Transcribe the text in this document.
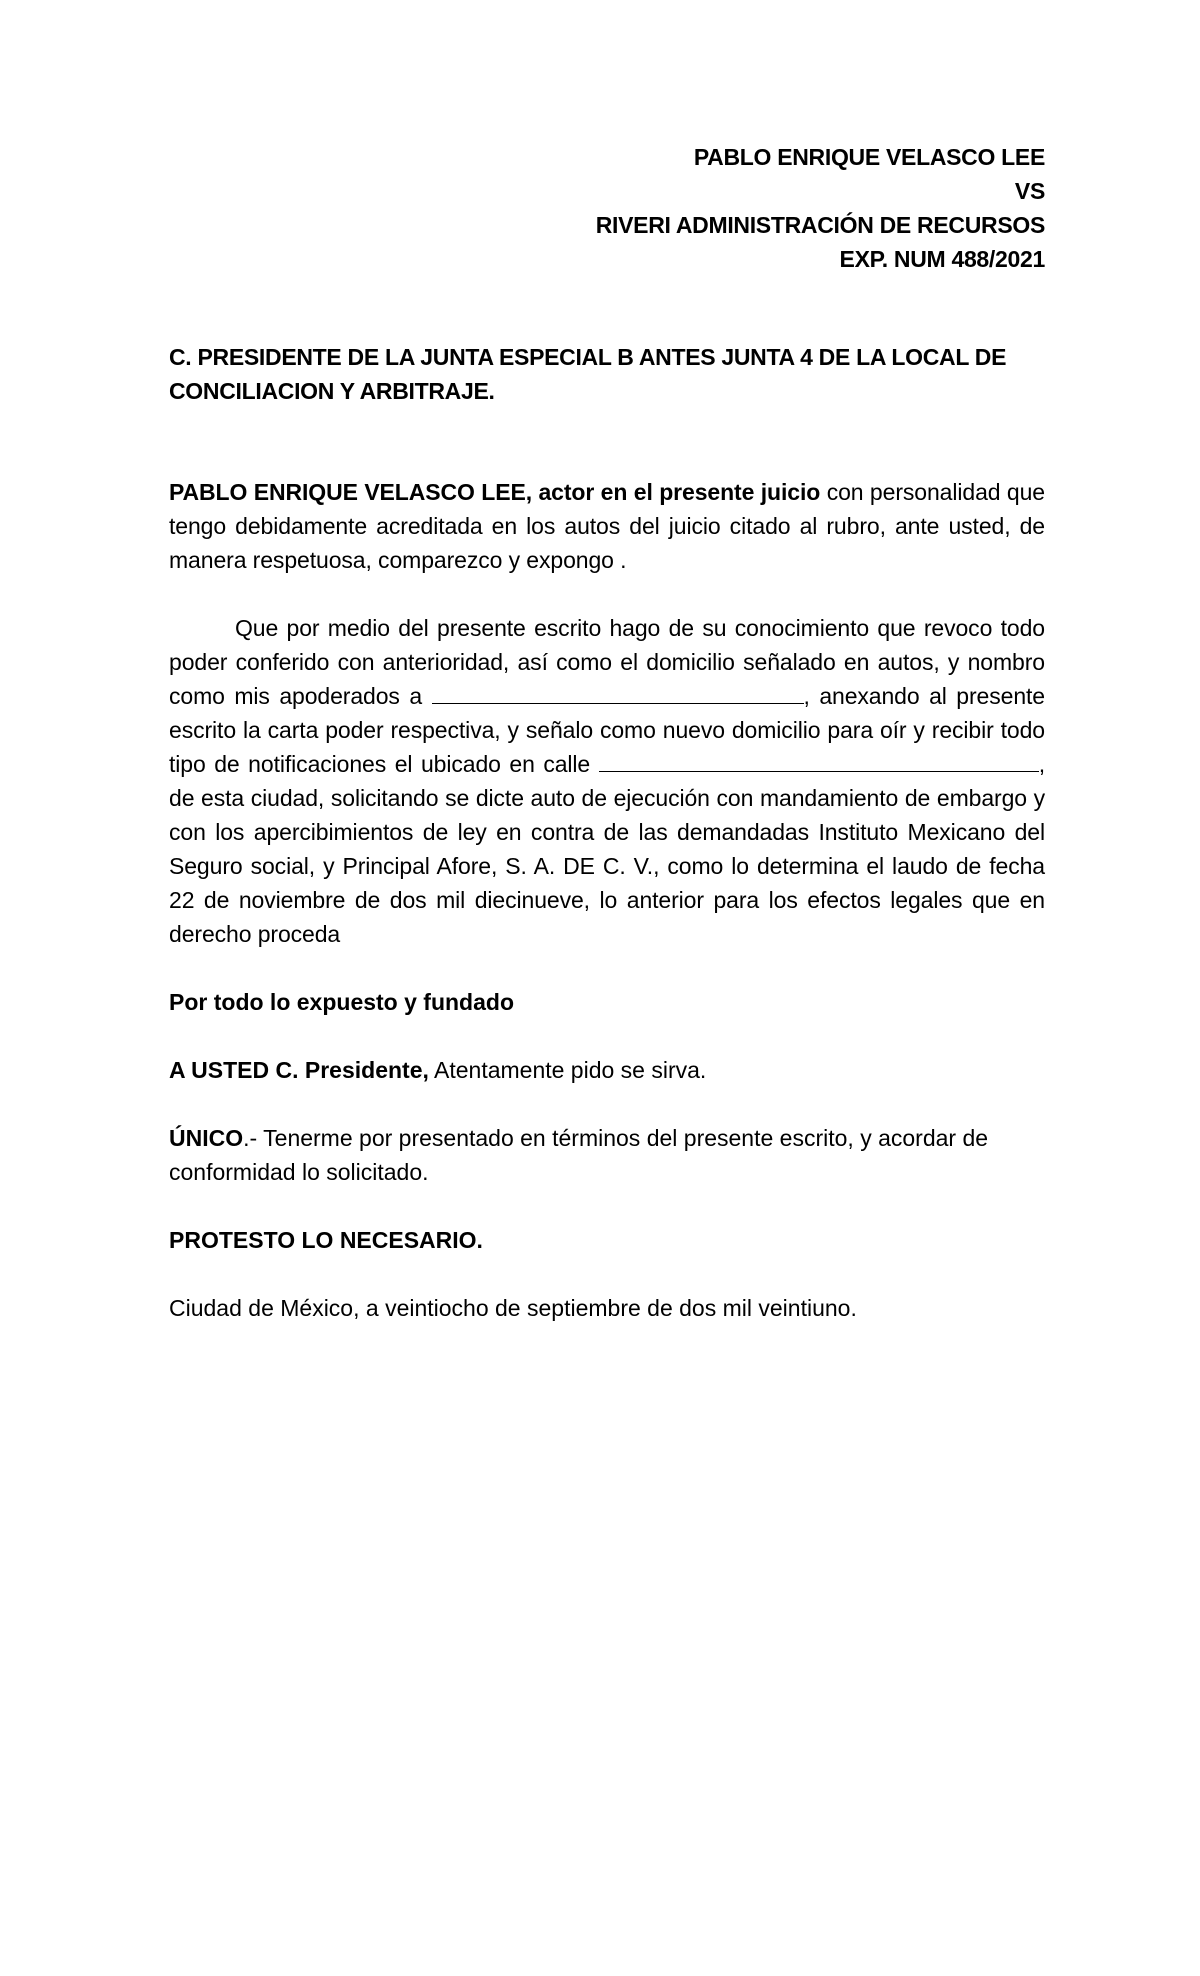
PABLO ENRIQUE VELASCO LEE
VS
RIVERI ADMINISTRACIÓN DE RECURSOS
EXP. NUM 488/2021
C. PRESIDENTE DE LA JUNTA ESPECIAL B ANTES JUNTA 4 DE LA LOCAL DE CONCILIACION Y ARBITRAJE.

PABLO ENRIQUE VELASCO LEE, actor en el presente juicio con personalidad que tengo debidamente acreditada en los autos del juicio citado al rubro, ante usted, de manera respetuosa, comparezco y expongo .

Que por medio del presente escrito hago de su conocimiento que revoco todo poder conferido con anterioridad, así como el domicilio señalado en autos, y nombro como mis apoderados a	, anexando al presente escrito la carta poder respectiva, y señalo como nuevo domicilio para oír y recibir todo tipo de notificaciones el ubicado en calle	, de esta ciudad, solicitando se dicte auto de ejecución con mandamiento de embargo y con los apercibimientos de ley en contra de las demandadas Instituto Mexicano del Seguro social, y Principal Afore, S. A. DE C. V., como lo determina el laudo de fecha 22 de noviembre de dos mil diecinueve, lo anterior para los efectos legales que en derecho proceda

Por todo lo expuesto y fundado
A USTED C. Presidente, Atentamente pido se sirva.
ÚNICO.- Tenerme por presentado en términos del presente escrito, y acordar de conformidad lo solicitado.
PROTESTO LO NECESARIO.
Ciudad de México, a veintiocho de septiembre de dos mil veintiuno.
